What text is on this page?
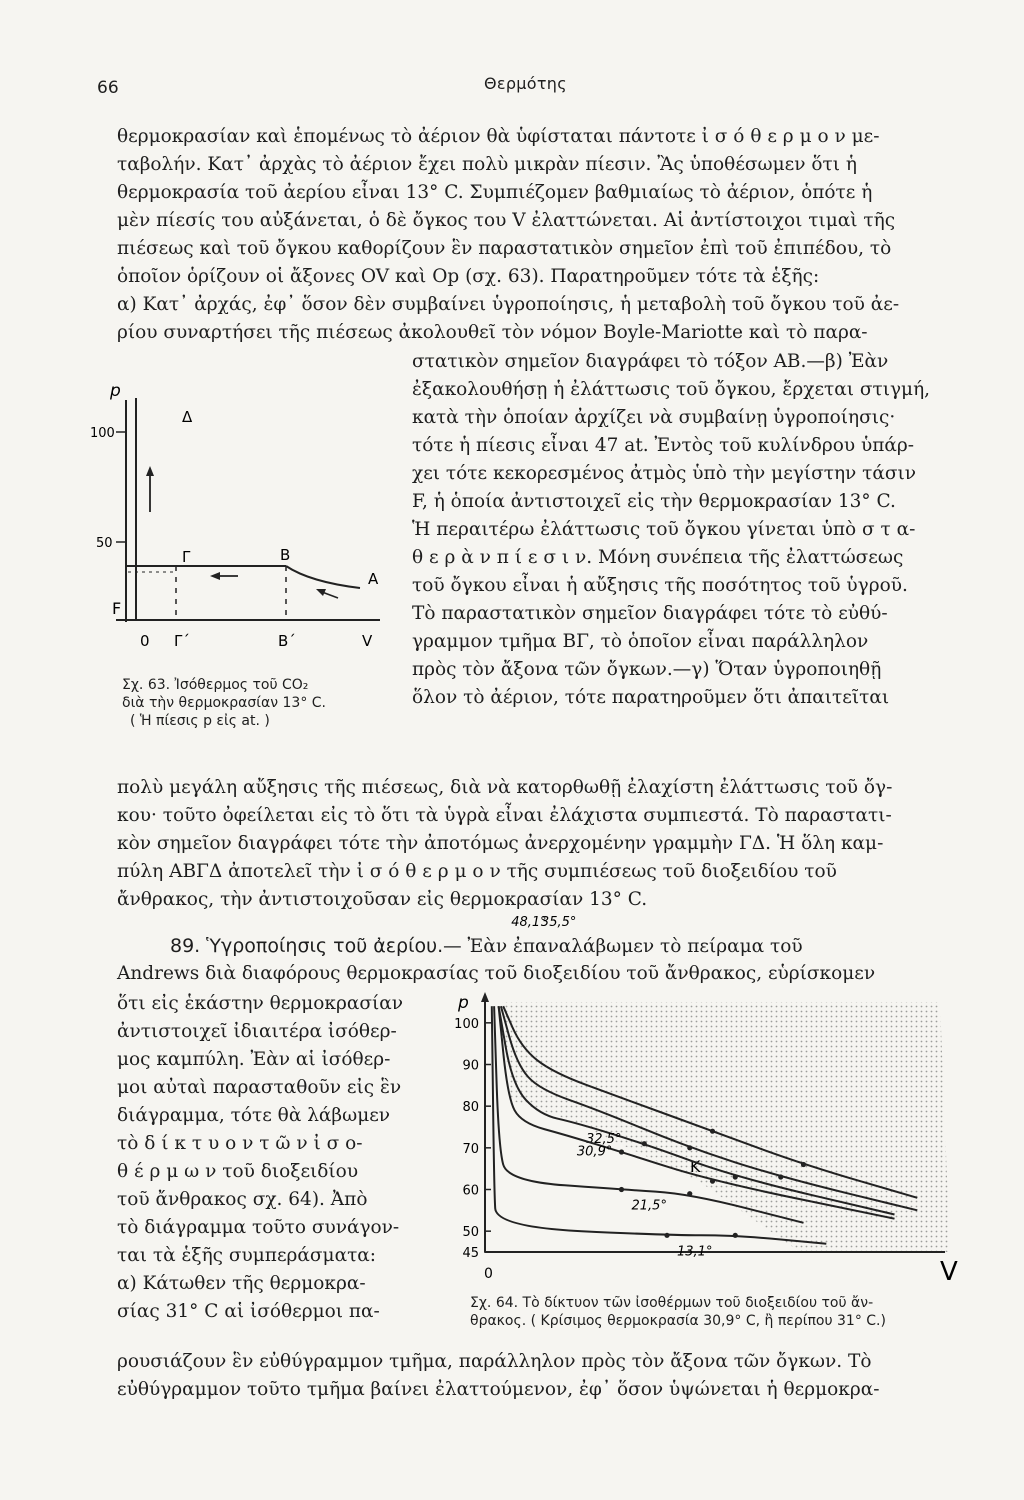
66	Θερμότης
θερμοκρασίαν καὶ ἑπομένως τὸ ἀέριον θὰ ὑφίσταται πάντοτε ἰ σ ό θ ε ρ μ ο ν με-
ταβολήν. Κατ᾽ ἀρχὰς τὸ ἀέριον ἔχει πολὺ μικρὰν πίεσιν. Ἂς ὑποθέσωμεν ὅτι ἡ
θερμοκρασία τοῦ ἀερίου εἶναι 13° C. Συμπιέζομεν βαθμιαίως τὸ ἀέριον, ὁπότε ἡ
μὲν πίεσίς του αὐξάνεται, ὁ δὲ ὄγκος του V ἐλαττώνεται. Αἱ ἀντίστοιχοι τιμαὶ τῆς
πιέσεως καὶ τοῦ ὄγκου καθορίζουν ἓν παραστατικὸν σημεῖον ἐπὶ τοῦ ἐπιπέδου, τὸ
ὁποῖον ὁρίζουν οἱ ἄξονες OV καὶ Op (σχ. 63). Παρατηροῦμεν τότε τὰ ἑξῆς:
α) Κατ᾽ ἀρχάς, ἐφ᾽ ὅσον δὲν συμβαίνει ὑγροποίησις, ἡ μεταβολὴ τοῦ ὄγκου τοῦ ἀε-
ρίου συναρτήσει τῆς πιέσεως ἀκολουθεῖ τὸν νόμον Boyle-Mariotte καὶ τὸ παρα-
στατικὸν σημεῖον διαγράφει τὸ τόξον AB.—β) Ἐὰν
ἐξακολουθήσῃ ἡ ἐλάττωσις τοῦ ὄγκου, ἔρχεται στιγμή,
κατὰ τὴν ὁποίαν ἀρχίζει νὰ συμβαίνῃ ὑγροποίησις·
τότε ἡ πίεσις εἶναι 47 at. Ἐντὸς τοῦ κυλίνδρου ὑπάρ-
χει τότε κεκορεσμένος ἀτμὸς ὑπὸ τὴν μεγίστην τάσιν
F, ἡ ὁποία ἀντιστοιχεῖ εἰς τὴν θερμοκρασίαν 13° C.
Ἡ περαιτέρω ἐλάττωσις τοῦ ὄγκου γίνεται ὑπὸ σ τ α-
θ ε ρ ὰ ν π ί ε σ ι ν. Μόνη συνέπεια τῆς ἐλαττώσεως
τοῦ ὄγκου εἶναι ἡ αὔξησις τῆς ποσότητος τοῦ ὑγροῦ.
Τὸ παραστατικὸν σημεῖον διαγράφει τότε τὸ εὐθύ-
γραμμον τμῆμα BΓ, τὸ ὁποῖον εἶναι παράλληλον
πρὸς τὸν ἄξονα τῶν ὄγκων.—γ) Ὅταν ὑγροποιηθῇ
ὅλον τὸ ἀέριον, τότε παρατηροῦμεν ὅτι ἀπαιτεῖται
p
100
50
F
0
Δ
Γ	B
A
Γ΄	B΄	V
Σχ. 63. Ἰσόθερμος τοῦ CO₂
διὰ τὴν θερμοκρασίαν 13° C.
( Ἡ πίεσις p εἰς at. )
πολὺ μεγάλη αὔξησις τῆς πιέσεως, διὰ νὰ κατορθωθῇ ἐλαχίστη ἐλάττωσις τοῦ ὄγ-
κου· τοῦτο ὀφείλεται εἰς τὸ ὅτι τὰ ὑγρὰ εἶναι ἐλάχιστα συμπιεστά. Τὸ παραστατι-
κὸν σημεῖον διαγράφει τότε τὴν ἀποτόμως ἀνερχομένην γραμμὴν ΓΔ. Ἡ ὅλη καμ-
πύλη ABΓΔ ἀποτελεῖ τὴν ἰ σ ό θ ε ρ μ ο ν τῆς συμπιέσεως τοῦ διοξειδίου τοῦ
ἄνθρακος, τὴν ἀντιστοιχοῦσαν εἰς θερμοκρασίαν 13° C.
89. Ὑγροποίησις τοῦ ἀερίου.— Ἐὰν ἐπαναλάβωμεν τὸ πείραμα τοῦ
Andrews διὰ διαφόρους θερμοκρασίας τοῦ διοξειδίου τοῦ ἄνθρακος, εὑρίσκομεν
ὅτι εἰς ἑκάστην θερμοκρασίαν
ἀντιστοιχεῖ ἰδιαιτέρα ἰσόθερ-
μος καμπύλη. Ἐὰν αἱ ἰσόθερ-
μοι αὐταὶ παρασταθοῦν εἰς ἓν
διάγραμμα, τότε θὰ λάβωμεν
τὸ δ ί κ τ υ ο ν τ ῶ ν ἰ σ ο-
θ έ ρ μ ω ν τοῦ διοξειδίου
τοῦ ἄνθρακος σχ. 64). Ἀπὸ
τὸ διάγραμμα τοῦτο συνάγον-
ται τὰ ἑξῆς συμπεράσματα:
α) Κάτωθεν τῆς θερμοκρα-
σίας 31° C αἱ ἰσόθερμοι πα-
p
V
0
K
100
90
80
70
60
50
45
48,1°
35,5°
32,5°
30,9°
21,5°
13,1°
Σχ. 64. Τὸ δίκτυον τῶν ἰσοθέρμων τοῦ διοξειδίου τοῦ ἄν-
θρακος. ( Κρίσιμος θερμοκρασία 30,9° C, ἢ περίπου 31° C.)
ρουσιάζουν ἓν εὐθύγραμμον τμῆμα, παράλληλον πρὸς τὸν ἄξονα τῶν ὄγκων. Τὸ
εὐθύγραμμον τοῦτο τμῆμα βαίνει ἐλαττούμενον, ἐφ᾽ ὅσον ὑψώνεται ἡ θερμοκρα-
